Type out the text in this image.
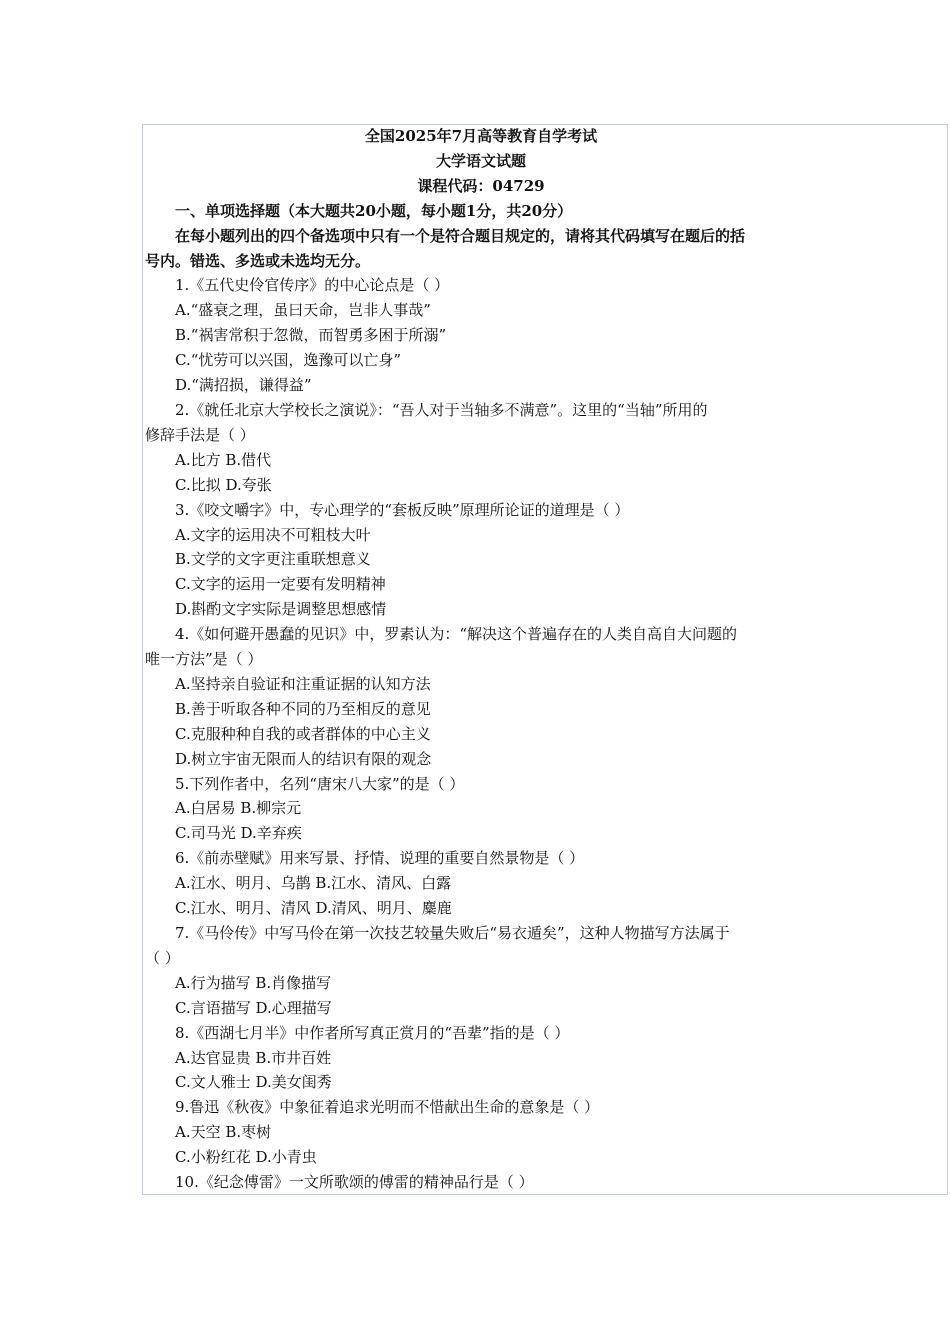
全国2025年7月高等教育自学考试
大学语文试题
课程代码：04729
一、单项选择题（本大题共20小题，每小题1分，共20分）
在每小题列出的四个备选项中只有一个是符合题目规定的，请将其代码填写在题后的括
号内。错选、多选或未选均无分。
1.《五代史伶官传序》的中心论点是（ ）
A.“盛衰之理，虽曰天命，岂非人事哉”
B.“祸害常积于忽微，而智勇多困于所溺”
C.“忧劳可以兴国，逸豫可以亡身”
D.“满招损，谦得益”
2.《就任北京大学校长之演说》：“吾人对于当轴多不满意”。这里的“当轴”所用的
修辞手法是（ ）
A.比方 B.借代
C.比拟 D.夸张
3.《咬文嚼字》中，专心理学的“套板反映”原理所论证的道理是（ ）
A.文字的运用决不可粗枝大叶
B.文学的文字更注重联想意义
C.文字的运用一定要有发明精神
D.斟酌文字实际是调整思想感情
4.《如何避开愚蠢的见识》中，罗素认为：“解决这个普遍存在的人类自高自大问题的
唯一方法”是（ ）
A.坚持亲自验证和注重证据的认知方法
B.善于听取各种不同的乃至相反的意见
C.克服种种自我的或者群体的中心主义
D.树立宇宙无限而人的结识有限的观念
5.下列作者中，名列“唐宋八大家”的是（ ）
A.白居易 B.柳宗元
C.司马光 D.辛弃疾
6.《前赤壁赋》用来写景、抒情、说理的重要自然景物是（ ）
A.江水、明月、乌鹊 B.江水、清风、白露
C.江水、明月、清风 D.清风、明月、麋鹿
7.《马伶传》中写马伶在第一次技艺较量失败后“易衣遁矣”，这种人物描写方法属于
（ ）
A.行为描写 B.肖像描写
C.言语描写 D.心理描写
8.《西湖七月半》中作者所写真正赏月的“吾辈”指的是（ ）
A.达官显贵 B.市井百姓
C.文人雅士 D.美女闺秀
9.鲁迅《秋夜》中象征着追求光明而不惜献出生命的意象是（ ）
A.天空 B.枣树
C.小粉红花 D.小青虫
10.《纪念傅雷》一文所歌颂的傅雷的精神品行是（ ）
